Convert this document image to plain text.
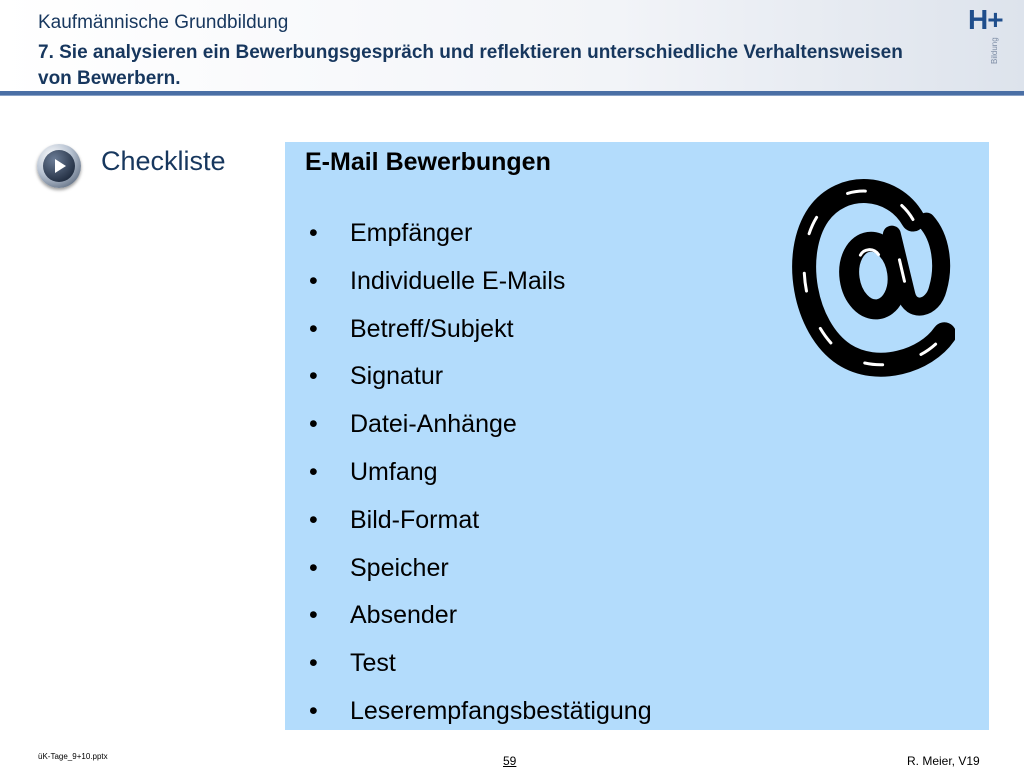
Kaufmännische Grundbildung
7. Sie analysieren ein Bewerbungsgespräch und reflektieren unterschiedliche Verhaltensweisen von Bewerbern.
H+
Bildung
Checkliste	E-Mail Bewerbungen
•	Empfänger
•	Individuelle E-Mails
•	Betreff/Subjekt
•	Signatur
•	Datei-Anhänge
•	Umfang
•	Bild-Format
•	Speicher
•	Absender
•	Test
•	Leserempfangsbestätigung
üK-Tage_9+10.pptx	59	R. Meier, V19
